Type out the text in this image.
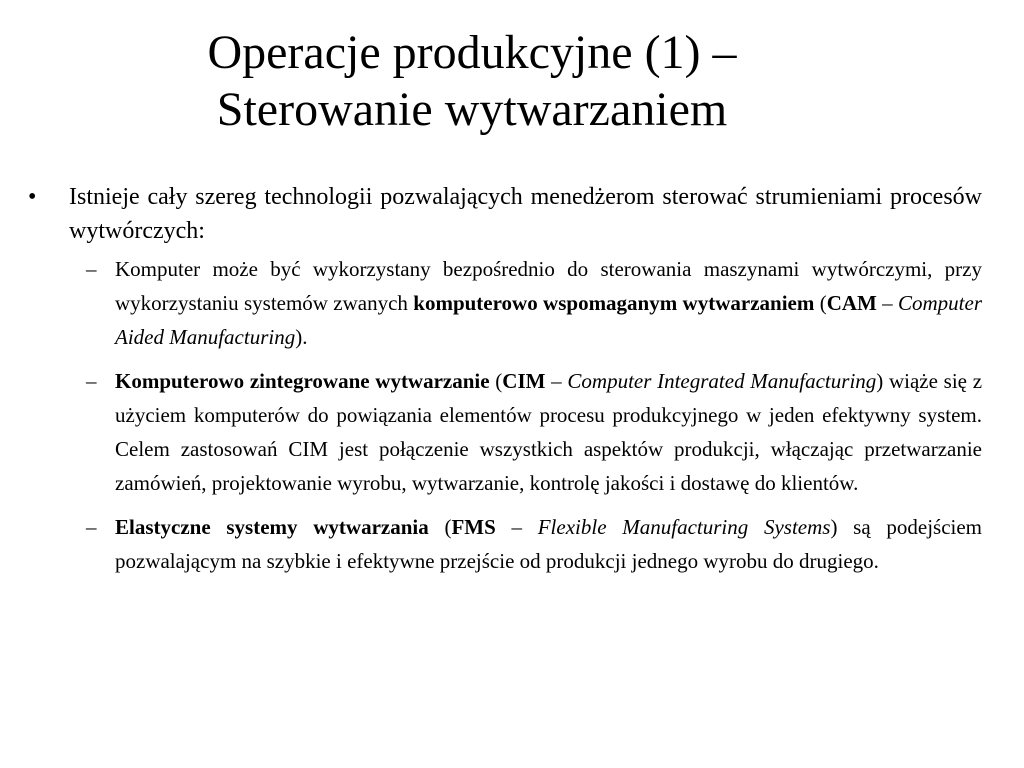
Operacje produkcyjne (1) –
Sterowanie wytwarzaniem

• Istnieje cały szereg technologii pozwalających menedżerom sterować strumieniami procesów wytwórczych:

– Komputer może być wykorzystany bezpośrednio do sterowania maszynami wytwórczymi, przy wykorzystaniu systemów zwanych komputerowo wspomaganym wytwarzaniem (CAM – Computer Aided Manufacturing).

– Komputerowo zintegrowane wytwarzanie (CIM – Computer Integrated Manufacturing) wiąże się z użyciem komputerów do powiązania elementów procesu produkcyjnego w jeden efektywny system. Celem zastosowań CIM jest połączenie wszystkich aspektów produkcji, włączając przetwarzanie zamówień, projektowanie wyrobu, wytwarzanie, kontrolę jakości i dostawę do klientów.

– Elastyczne systemy wytwarzania (FMS – Flexible Manufacturing Systems) są podejściem pozwalającym na szybkie i efektywne przejście od produkcji jednego wyrobu do drugiego.
